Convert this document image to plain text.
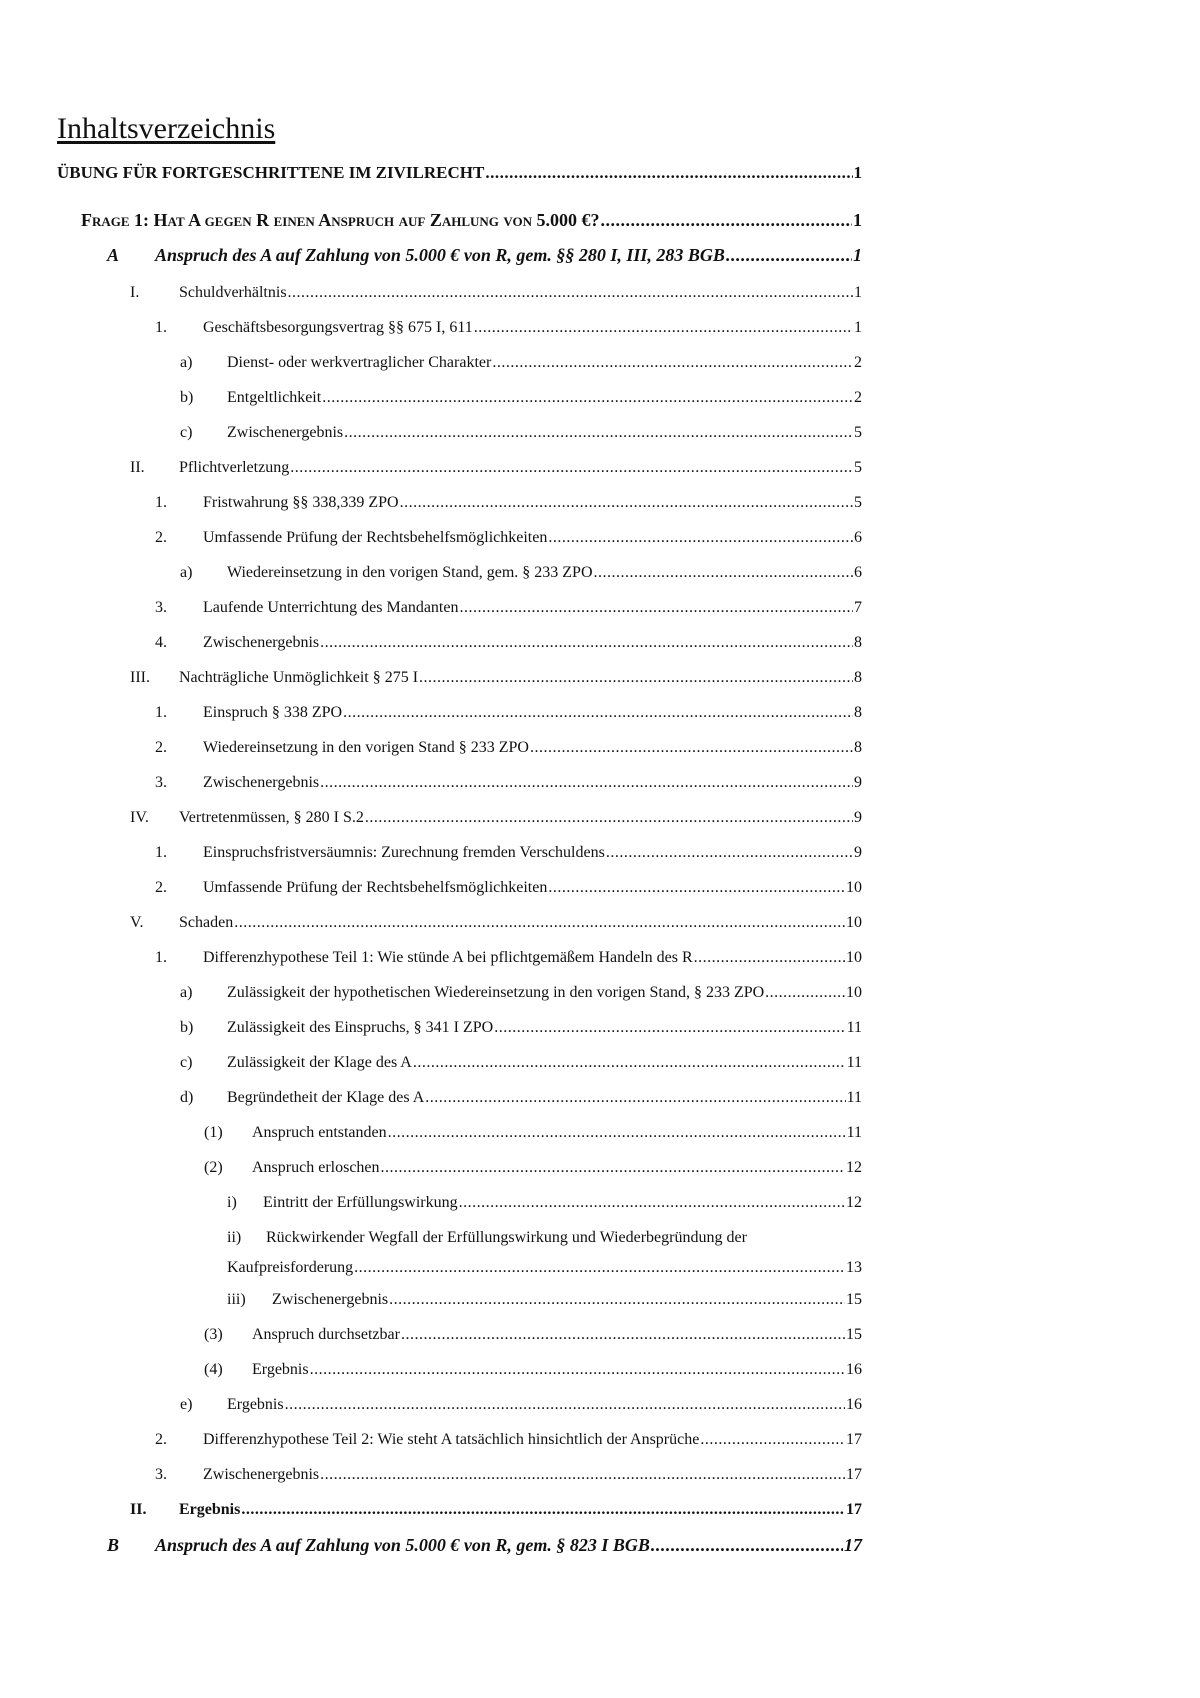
Inhaltsverzeichnis
ÜBUNG FÜR FORTGESCHRITTENE IM ZIVILRECHT .....	1
Frage 1: Hat A gegen R einen Anspruch auf Zahlung von 5.000 €? .....	1
A Anspruch des A auf Zahlung von 5.000 € von R, gem. §§ 280 I, III, 283 BGB .....	1
I. Schuldverhältnis .....	1
1. Geschäftsbesorgungsvertrag §§ 675 I, 611 .....	1
a) Dienst- oder werkvertraglicher Charakter .....	2
b) Entgeltlichkeit .....	2
c) Zwischenergebnis .....	5
II. Pflichtverletzung .....	5
1. Fristwahrung §§ 338,339 ZPO .....	5
2. Umfassende Prüfung der Rechtsbehelfsmöglichkeiten .....	6
a) Wiedereinsetzung in den vorigen Stand, gem. § 233 ZPO .....	6
3. Laufende Unterrichtung des Mandanten .....	7
4. Zwischenergebnis .....	8
III. Nachträgliche Unmöglichkeit § 275 I .....	8
1. Einspruch § 338 ZPO .....	8
2. Wiedereinsetzung in den vorigen Stand § 233 ZPO .....	8
3. Zwischenergebnis .....	9
IV. Vertretenmüssen, § 280 I S.2 .....	9
1. Einspruchsfristversäumnis: Zurechnung fremden Verschuldens .....	9
2. Umfassende Prüfung der Rechtsbehelfsmöglichkeiten .....	10
V. Schaden .....	10
1. Differenzhypothese Teil 1: Wie stünde A bei pflichtgemäßem Handeln des R .....	10
a) Zulässigkeit der hypothetischen Wiedereinsetzung in den vorigen Stand, § 233 ZPO .....	10
b) Zulässigkeit des Einspruchs, § 341 I ZPO .....	11
c) Zulässigkeit der Klage des A .....	11
d) Begründetheit der Klage des A .....	11
(1) Anspruch entstanden .....	11
(2) Anspruch erloschen .....	12
i) Eintritt der Erfüllungswirkung .....	12
ii) Rückwirkender Wegfall der Erfüllungswirkung und Wiederbegründung der
Kaufpreisforderung .....	13
iii) Zwischenergebnis .....	15
(3) Anspruch durchsetzbar .....	15
(4) Ergebnis .....	16
e) Ergebnis .....	16
2. Differenzhypothese Teil 2: Wie steht A tatsächlich hinsichtlich der Ansprüche .....	17
3. Zwischenergebnis .....	17
II. Ergebnis .....	17
B Anspruch des A auf Zahlung von 5.000 € von R, gem. § 823 I BGB .....	17
